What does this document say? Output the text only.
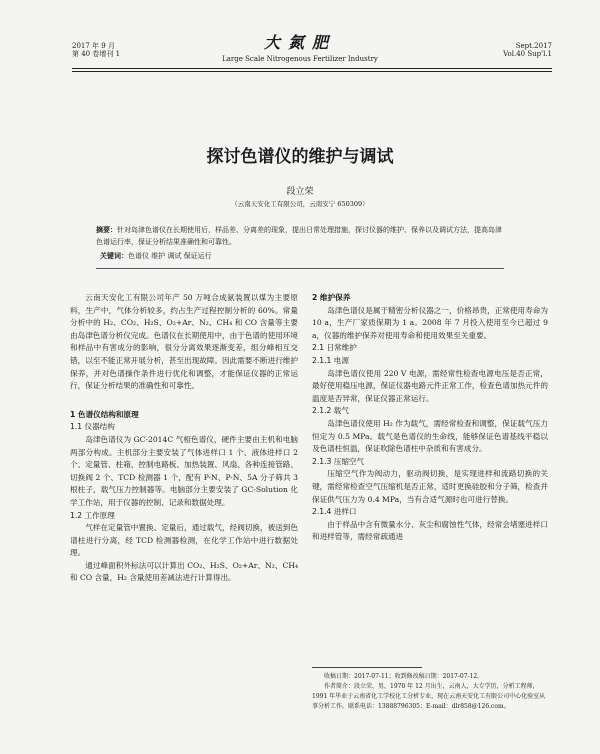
2017 年 9 月
第 40 卷增刊 1
大氮肥
Large Scale Nitrogenous Fertilizer Industry
Sept.2017
Vol.40 Sup'l.1
探讨色谱仪的维护与调试
段立荣
（云南天安化工有限公司，云南安宁 650309）
摘要：针对岛津色谱仪在长期使用后，样品差、分离差的现象，提出日常处理措施，探讨仪器的维护、保养以及调试方法，提高岛津色谱运行率，保证分析结果准确性和可靠性。
关键词：色谱仪 维护 调试 保证运行

云南天安化工有限公司年产 50 万吨合成氨装置以煤为主要原料，生产中，气体分析较多，约占生产过程控制分析的 60%。常量分析中的 H₂、CO₂、H₂S、O₂+Ar、N₂、CH₄ 和 CO 含量等主要由岛津色谱分析仪完成。色谱仪在长期使用中，由于色谱的使用环境和样品中有害成分的影响，很分分离效果逐渐变差，组分峰相互交错，以至不能正常开展分析，甚至出现故障。因此需要不断进行维护保养，并对色谱操作条件进行优化和调整，才能保证仪器的正常运行，保证分析结果的准确性和可靠性。

1 色谱仪结构和原理
1.1 仪器结构

岛津色谱仪为 GC-2014C 气相色谱仪，硬件主要由主机和电脑两部分构成。主机部分主要安装了气体进样口 1 个、液体进样口 2 个、定量管、柱箱、控制电路板、加热装置、风扇、各种连接管路、切换阀 2 个、TCD 检测器 1 个，配有 P-N、P-N、5A 分子筛共 3 根柱子，载气压力控制器等。电脑部分主要安装了 GC-Solution 化学工作站，用于仪器的控制、记录和数据处理。

1.2 工作原理

气样在定量管中置换、定量后，通过载气，经阀切换，被送到色谱柱进行分离，经 TCD 检测器检测，在化学工作站中进行数据处理。

通过峰面积外标法可以计算出 CO₂、H₂S、O₂+Ar、N₂、CH₄ 和 CO 含量，H₂ 含量使用差减法进行计算得出。

2 维护保养

岛津色谱仪是属于精密分析仪器之一，价格昂贵，正常使用寿命为 10 a，生产厂家质保期为 1 a。2008 年 7 月投入使用至今已超过 9 a，仪器的维护保养对使用寿命和使用效果至关重要。

2.1 日常维护
2.1.1 电源

岛津色谱仪使用 220 V 电源，需经常性检查电源电压是否正常，最好使用稳压电源，保证仪器电路元件正常工作，检查色谱加热元件的温度是否异常，保证仪器正常运行。

2.1.2 载气

岛津色谱仪使用 H₂ 作为载气，需经常检查和调整，保证载气压力恒定为 0.5 MPa。载气是色谱仪的生命线，能够保证色谱基线平稳以及色谱柱恒温，保证吹除色谱柱中杂质和有害成分。

2.1.3 压缩空气

压缩空气作为阀动力，驱动阀切换，是实现进样和流路切换的关键，需经常检查空气压缩机是否正常，适时更换硅胶和分子筛，检查并保证供气压力为 0.4 MPa，当有合适气源时也可进行替换。

2.1.4 进样口

由于样品中含有微量水分、灰尘和腐蚀性气体，经常会堵塞进样口和进样管等，需经常疏通进

收稿日期：2017-07-11；收到修改稿日期：2017-07-12。
作者简介：段立荣，男，1970 年 12 月出生，云南人，大专学历，分析工程师，1991 年毕业于云南省化工学校化工分析专业，现在云南天安化工有限公司中心化验室从事分析工作。联系电话：13888796305；E-mail：dlr858@126.com。
